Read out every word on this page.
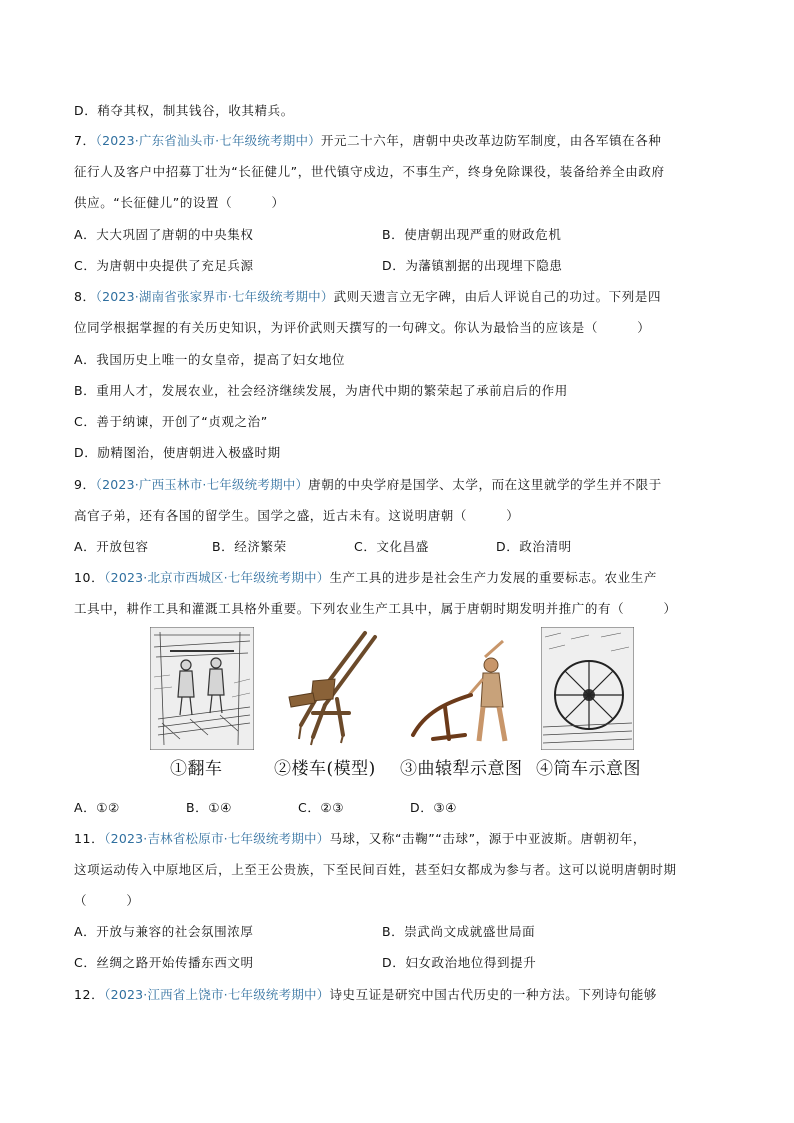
D．稍夺其权，制其钱谷，收其精兵。
7．（2023·广东省汕头市·七年级统考期中）开元二十六年，唐朝中央改革边防军制度，由各军镇在各种
征行人及客户中招募丁壮为“长征健儿”，世代镇守戍边，不事生产，终身免除课役，装备给养全由政府
供应。“长征健儿”的设置（　　　）
A．大大巩固了唐朝的中央集权	B．使唐朝出现严重的财政危机
C．为唐朝中央提供了充足兵源	D．为藩镇割据的出现埋下隐患
8．（2023·湖南省张家界市·七年级统考期中）武则天遗言立无字碑，由后人评说自己的功过。下列是四
位同学根据掌握的有关历史知识，为评价武则天撰写的一句碑文。你认为最恰当的应该是（　　　）
A．我国历史上唯一的女皇帝，提高了妇女地位
B．重用人才，发展农业，社会经济继续发展，为唐代中期的繁荣起了承前启后的作用
C．善于纳谏，开创了“贞观之治”
D．励精图治，使唐朝进入极盛时期
9．（2023·广西玉林市·七年级统考期中）唐朝的中央学府是国学、太学，而在这里就学的学生并不限于
高官子弟，还有各国的留学生。国学之盛，近古未有。这说明唐朝（　　　）
A．开放包容	B．经济繁荣	C．文化昌盛	D．政治清明
10．（2023·北京市西城区·七年级统考期中）生产工具的进步是社会生产力发展的重要标志。农业生产
工具中，耕作工具和灌溉工具格外重要。下列农业生产工具中，属于唐朝时期发明并推广的有（　　　）
①翻车	②楼车(模型) ③曲辕犁示意图 ④筒车示意图
A．①②	B．①④	C．②③	D．③④
11．（2023·吉林省松原市·七年级统考期中）马球，又称“击鞠”“击球”，源于中亚波斯。唐朝初年，
这项运动传入中原地区后，上至王公贵族，下至民间百姓，甚至妇女都成为参与者。这可以说明唐朝时期
（　　　）
A．开放与兼容的社会氛围浓厚	B．崇武尚文成就盛世局面
C．丝绸之路开始传播东西文明	D．妇女政治地位得到提升
12．（2023·江西省上饶市·七年级统考期中）诗史互证是研究中国古代历史的一种方法。下列诗句能够
